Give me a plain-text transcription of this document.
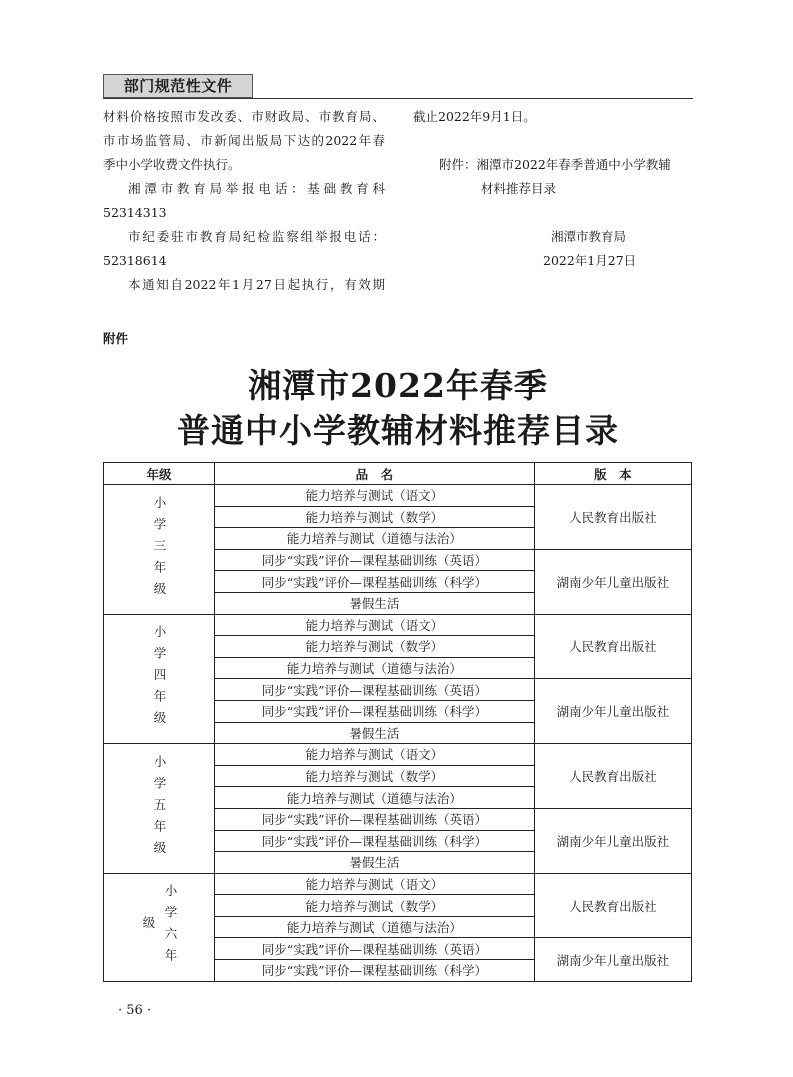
部门规范性文件

材料价格按照市发改委、市财政局、市教育局、

市市场监管局、市新闻出版局下达的2022年春

季中小学收费文件执行。

湘潭市教育局举报电话：基础教育科

52314313

市纪委驻市教育局纪检监察组举报电话：

52318614

本通知自2022年1月27日起执行，有效期

截止2022年9月1日。

附件：湘潭市2022年春季普通中小学教辅

材料推荐目录

湘潭市教育局

2022年1月27日

附件
湘潭市2022年春季
普通中小学教辅材料推荐目录
年级	品　名	版　本
小学三年级	能力培养与测试（语文）	人民教育出版社
	能力培养与测试（数学）	
	能力培养与测试（道德与法治）	
	同步“实践”评价—课程基础训练（英语）	湖南少年儿童出版社
	同步“实践”评价—课程基础训练（科学）	
	暑假生活	
小学四年级	能力培养与测试（语文）	人民教育出版社
	能力培养与测试（数学）	
	能力培养与测试（道德与法治）	
	同步“实践”评价—课程基础训练（英语）	湖南少年儿童出版社
	同步“实践”评价—课程基础训练（科学）	
	暑假生活	
小学五年级	能力培养与测试（语文）	人民教育出版社
	能力培养与测试（数学）	
	能力培养与测试（道德与法治）	
	同步“实践”评价—课程基础训练（英语）	湖南少年儿童出版社
	同步“实践”评价—课程基础训练（科学）	
	暑假生活	
小学六年级	能力培养与测试（语文）	人民教育出版社
	能力培养与测试（数学）	
	能力培养与测试（道德与法治）	
	同步“实践”评价—课程基础训练（英语）	湖南少年儿童出版社
	同步“实践”评价—课程基础训练（科学）	
· 56 ·
